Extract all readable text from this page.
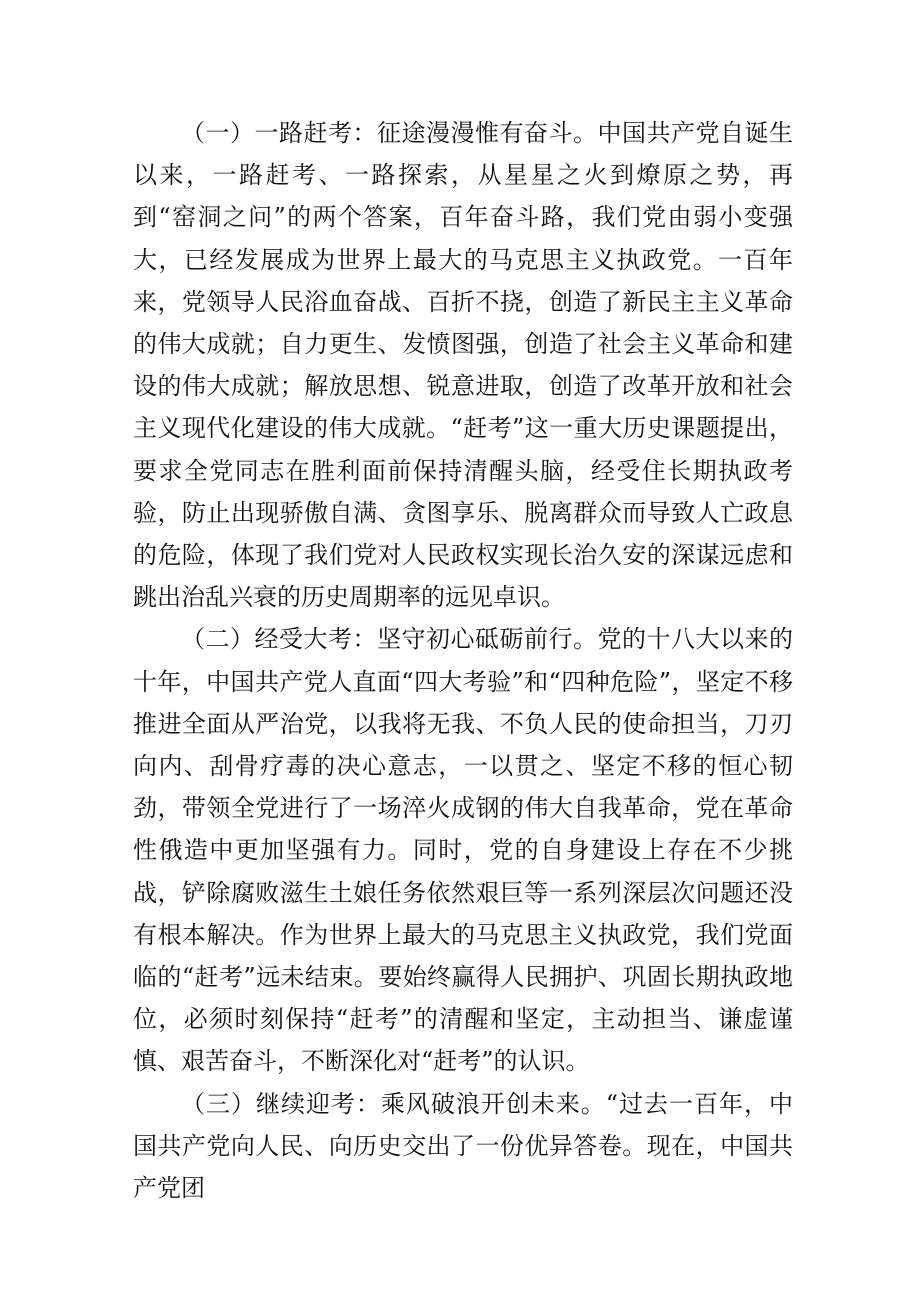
（一）一路赶考：征途漫漫惟有奋斗。中国共产党自诞生以来，一路赶考、一路探索，从星星之火到燎原之势，再到“窑洞之问”的两个答案，百年奋斗路，我们党由弱小变强大，已经发展成为世界上最大的马克思主义执政党。一百年来，党领导人民浴血奋战、百折不挠，创造了新民主主义革命的伟大成就；自力更生、发愤图强，创造了社会主义革命和建设的伟大成就；解放思想、锐意进取，创造了改革开放和社会主义现代化建设的伟大成就。“赶考”这一重大历史课题提出，要求全党同志在胜利面前保持清醒头脑，经受住长期执政考验，防止出现骄傲自满、贪图享乐、脱离群众而导致人亡政息的危险，体现了我们党对人民政权实现长治久安的深谋远虑和跳出治乱兴衰的历史周期率的远见卓识。

（二）经受大考：坚守初心砥砺前行。党的十八大以来的十年，中国共产党人直面“四大考验”和“四种危险”，坚定不移推进全面从严治党，以我将无我、不负人民的使命担当，刀刃向内、刮骨疗毒的决心意志，一以贯之、坚定不移的恒心韧劲，带领全党进行了一场淬火成钢的伟大自我革命，党在革命性俄造中更加坚强有力。同时，党的自身建设上存在不少挑战，铲除腐败滋生土娘任务依然艰巨等一系列深层次问题还没有根本解决。作为世界上最大的马克思主义执政党，我们党面临的“赶考”远未结束。要始终赢得人民拥护、巩固长期执政地位，必须时刻保持“赶考”的清醒和坚定，主动担当、谦虚谨慎、艰苦奋斗，不断深化对“赶考”的认识。

（三）继续迎考：乘风破浪开创未来。“过去一百年，中国共产党向人民、向历史交出了一份优异答卷。现在，中国共产党团
